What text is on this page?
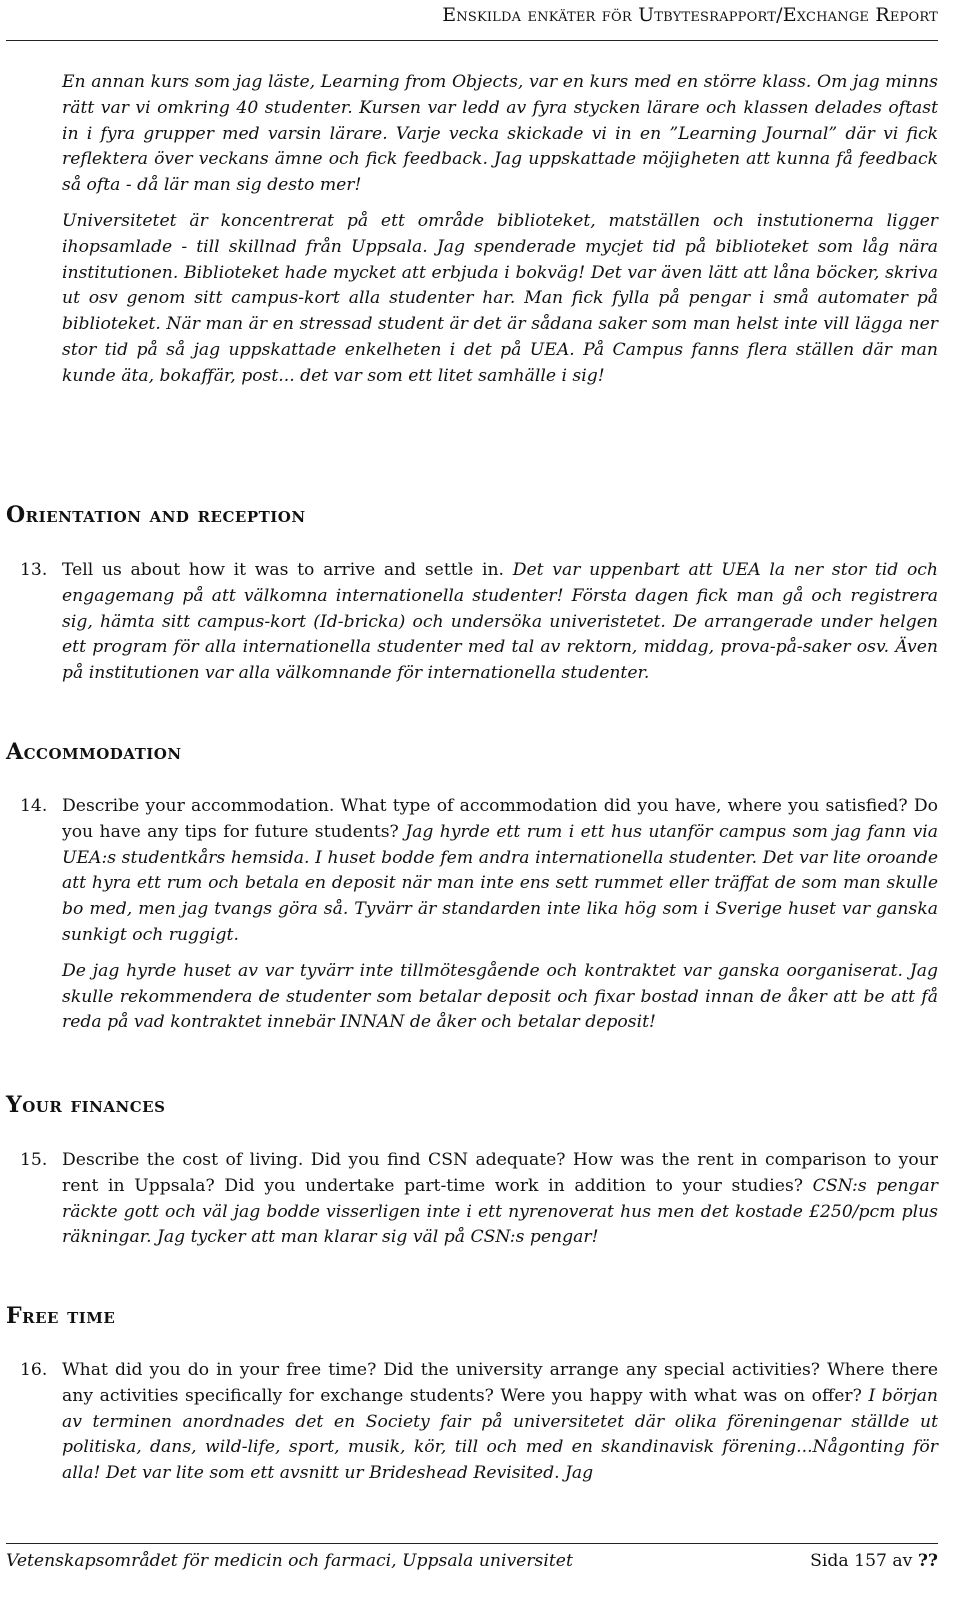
Enskilda enkäter för Utbytesrapport/Exchange Report

En annan kurs som jag läste, Learning from Objects, var en kurs med en större klass. Om jag minns rätt var vi omkring 40 studenter. Kursen var ledd av fyra stycken lärare och klassen delades oftast in i fyra grupper med varsin lärare. Varje vecka skickade vi in en ”Learning Journal” där vi fick reflektera över veckans ämne och fick feedback. Jag uppskattade möjigheten att kunna få feedback så ofta - då lär man sig desto mer!

Universitetet är koncentrerat på ett område biblioteket, matställen och instutionerna ligger ihopsamlade - till skillnad från Uppsala. Jag spenderade mycjet tid på biblioteket som låg nära institutionen. Biblioteket hade mycket att erbjuda i bokväg! Det var även lätt att låna böcker, skriva ut osv genom sitt campus-kort alla studenter har. Man fick fylla på pengar i små automater på biblioteket. När man är en stressad student är det är sådana saker som man helst inte vill lägga ner stor tid på så jag uppskattade enkelheten i det på UEA. På Campus fanns flera ställen där man kunde äta, bokaffär, post... det var som ett litet samhälle i sig!

Orientation and reception
13. Tell us about how it was to arrive and settle in. Det var uppenbart att UEA la ner stor tid och engagemang på att välkomna internationella studenter! Första dagen fick man gå och registrera sig, hämta sitt campus-kort (Id-bricka) och undersöka univeristetet. De arrangerade under helgen ett program för alla internationella studenter med tal av rektorn, middag, prova-på-saker osv. Även på institutionen var alla välkomnande för internationella studenter.

Accommodation
14. Describe your accommodation. What type of accommodation did you have, where you satisfied? Do you have any tips for future students? Jag hyrde ett rum i ett hus utanför campus som jag fann via UEA:s studentkårs hemsida. I huset bodde fem andra internationella studenter. Det var lite oroande att hyra ett rum och betala en deposit när man inte ens sett rummet eller träffat de som man skulle bo med, men jag tvangs göra så. Tyvärr är standarden inte lika hög som i Sverige huset var ganska sunkigt och ruggigt.

De jag hyrde huset av var tyvärr inte tillmötesgående och kontraktet var ganska oorganiserat. Jag skulle rekommendera de studenter som betalar deposit och fixar bostad innan de åker att be att få reda på vad kontraktet innebär INNAN de åker och betalar deposit!

Your finances
15. Describe the cost of living. Did you find CSN adequate? How was the rent in comparison to your rent in Uppsala? Did you undertake part-time work in addition to your studies? CSN:s pengar räckte gott och väl jag bodde visserligen inte i ett nyrenoverat hus men det kostade £250/pcm plus räkningar. Jag tycker att man klarar sig väl på CSN:s pengar!

Free time
16. What did you do in your free time? Did the university arrange any special activities? Where there any activities specifically for exchange students? Were you happy with what was on offer? I början av terminen anordnades det en Society fair på universitetet där olika föreningenar ställde ut politiska, dans, wild-life, sport, musik, kör, till och med en skandinavisk förening...Någonting för alla! Det var lite som ett avsnitt ur Brideshead Revisited. Jag

Vetenskapsområdet för medicin och farmaci, Uppsala universitet	Sida 157 av ??
